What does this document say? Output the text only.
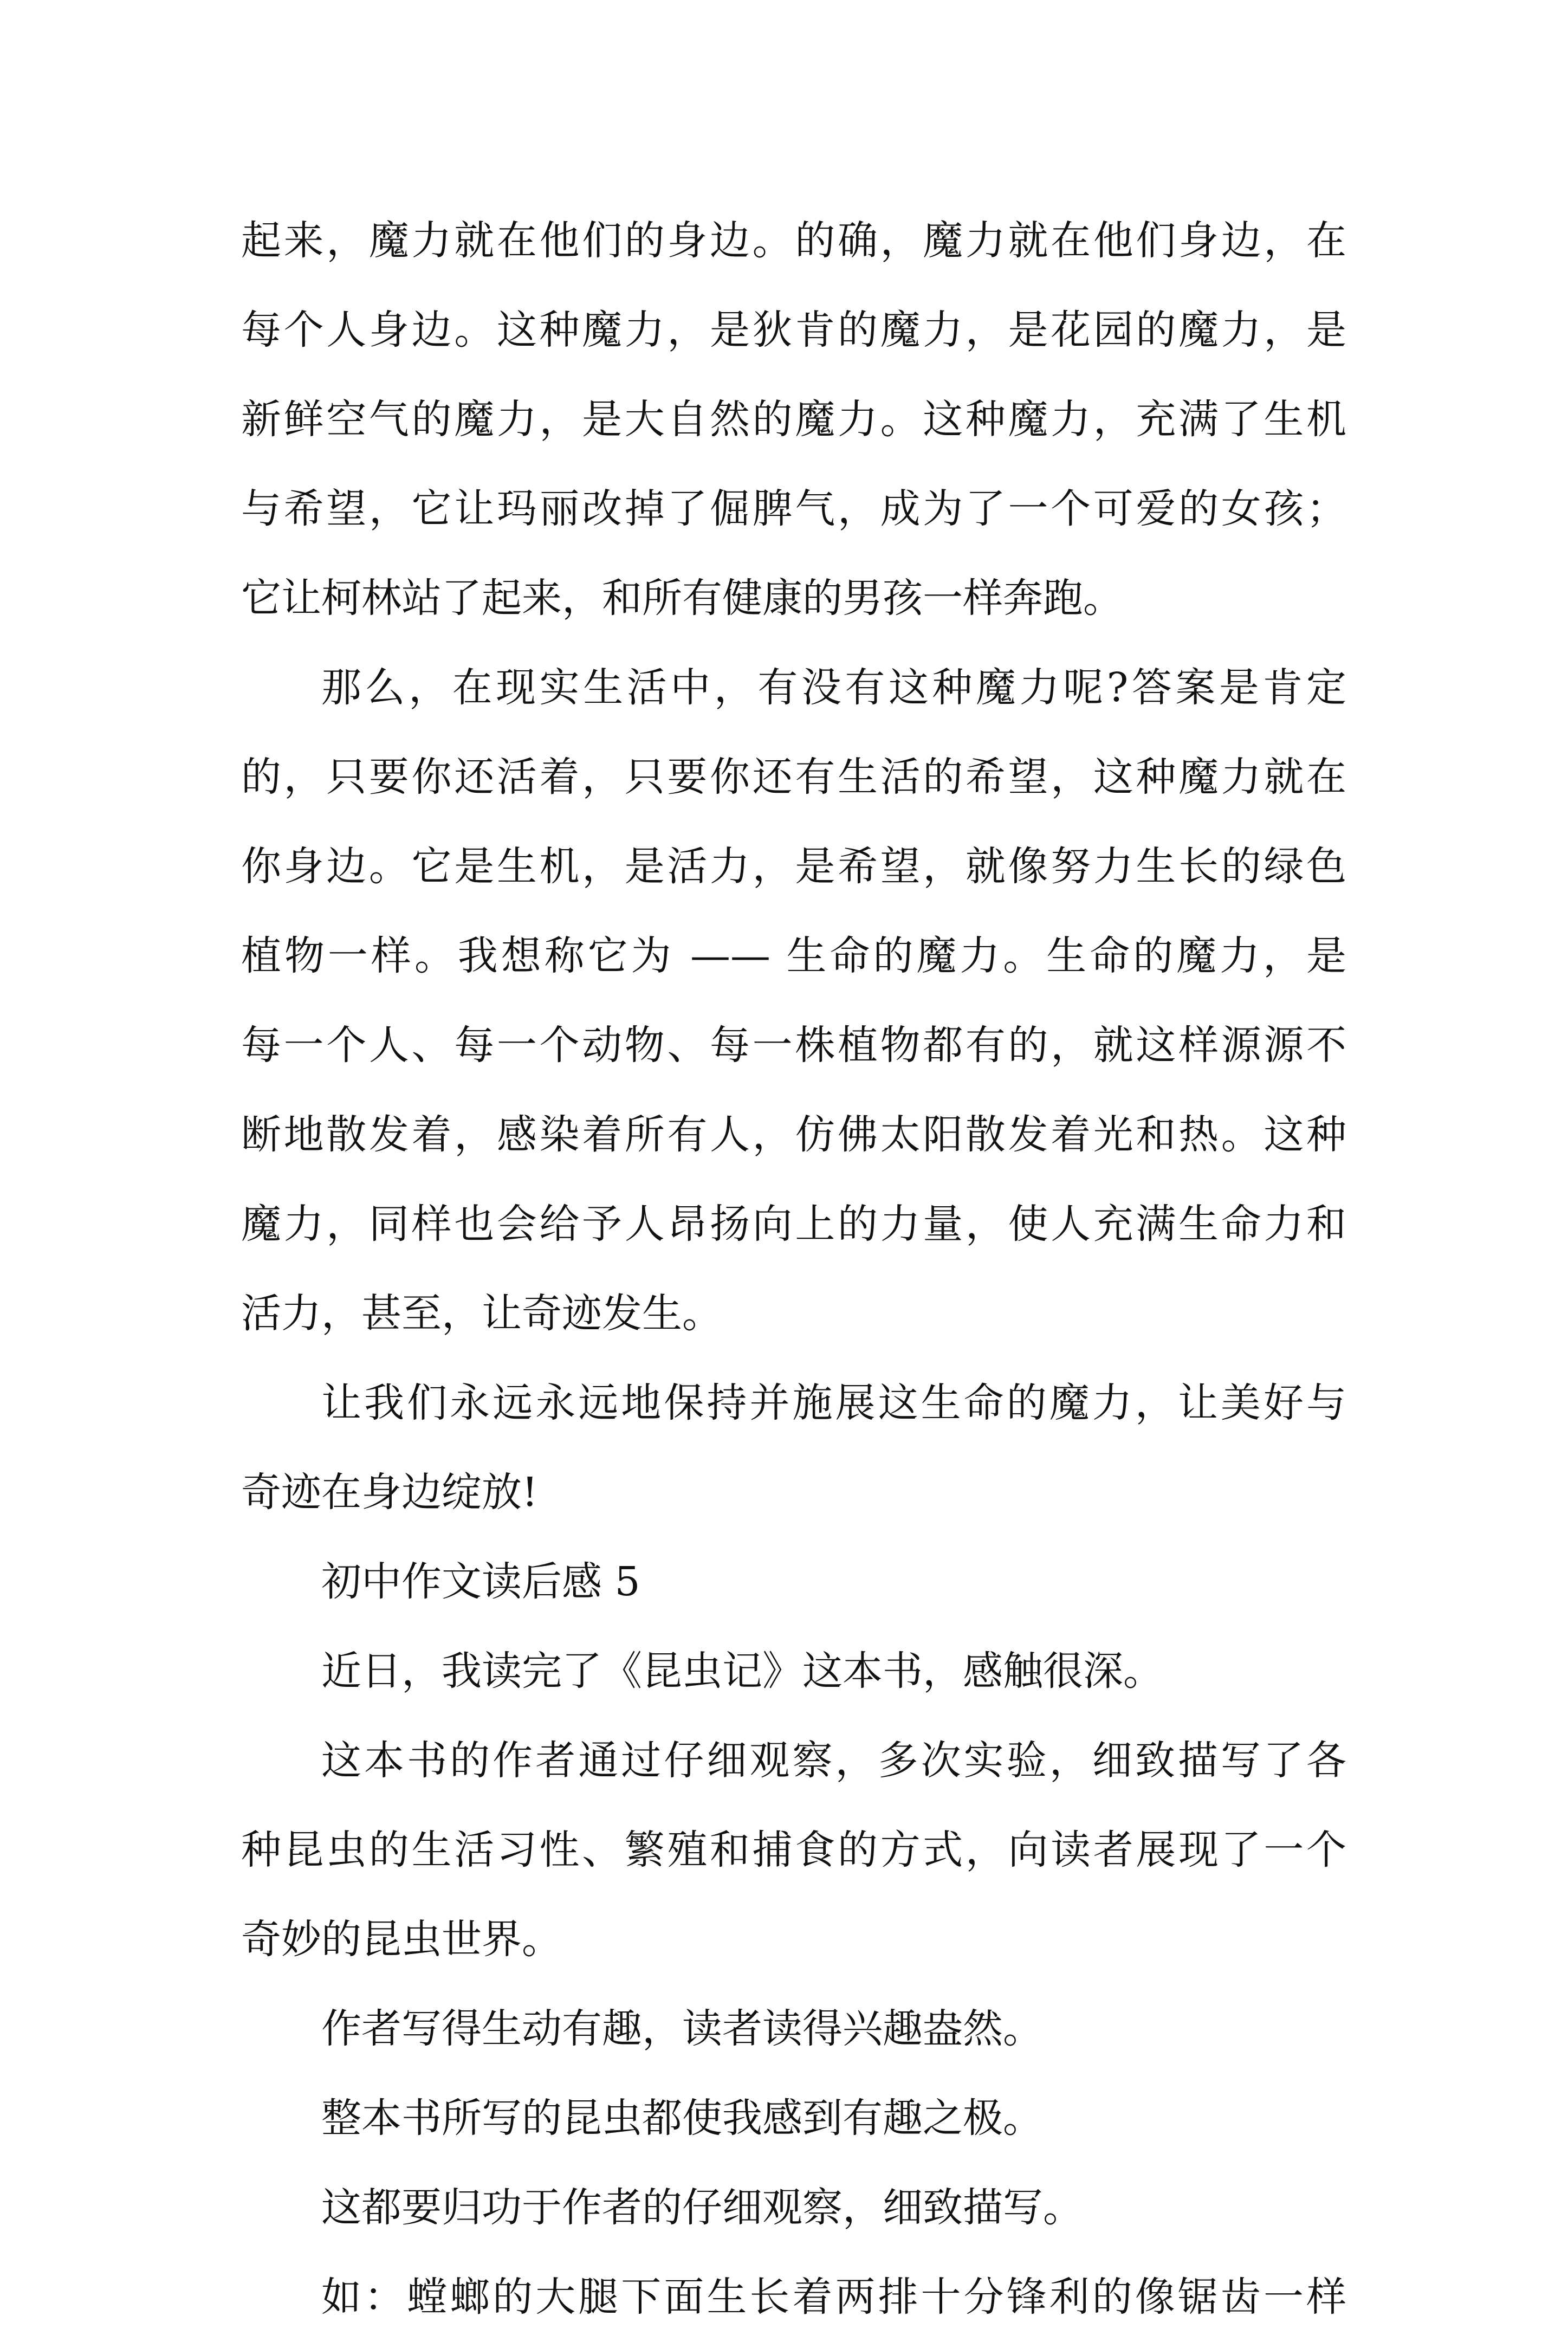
起来，魔力就在他们的身边。的确，魔力就在他们身边，在
每个人身边。这种魔力，是狄肯的魔力，是花园的魔力，是
新鲜空气的魔力，是大自然的魔力。这种魔力，充满了生机
与希望，它让玛丽改掉了倔脾气，成为了一个可爱的女孩；
它让柯林站了起来，和所有健康的男孩一样奔跑。
那么，在现实生活中，有没有这种魔力呢?答案是肯定
的，只要你还活着，只要你还有生活的希望，这种魔力就在
你身边。它是生机，是活力，是希望，就像努力生长的绿色
植物一样。我想称它为 —— 生命的魔力。生命的魔力，是
每一个人、每一个动物、每一株植物都有的，就这样源源不
断地散发着，感染着所有人，仿佛太阳散发着光和热。这种
魔力，同样也会给予人昂扬向上的力量，使人充满生命力和
活力，甚至，让奇迹发生。
让我们永远永远地保持并施展这生命的魔力，让美好与
奇迹在身边绽放!
初中作文读后感 5
近日，我读完了《昆虫记》这本书，感触很深。
这本书的作者通过仔细观察，多次实验，细致描写了各
种昆虫的生活习性、繁殖和捕食的方式，向读者展现了一个
奇妙的昆虫世界。
作者写得生动有趣，读者读得兴趣盎然。
整本书所写的昆虫都使我感到有趣之极。
这都要归功于作者的仔细观察，细致描写。
如：螳螂的大腿下面生长着两排十分锋利的像锯齿一样
